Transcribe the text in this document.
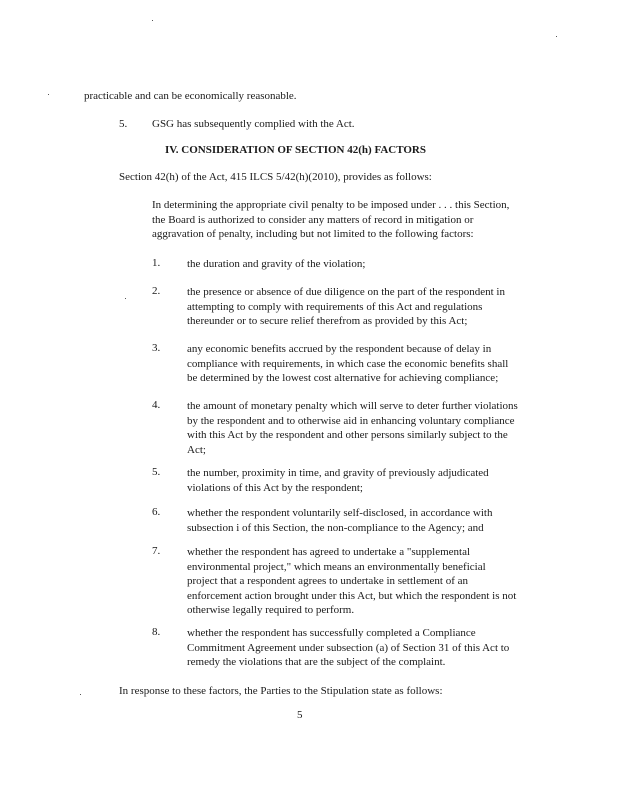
practicable and can be economically reasonable.
5. GSG has subsequently complied with the Act.
IV. CONSIDERATION OF SECTION 42(h) FACTORS
Section 42(h) of the Act, 415 ILCS 5/42(h)(2010), provides as follows:
In determining the appropriate civil penalty to be imposed under . . . this Section,
the Board is authorized to consider any matters of record in mitigation or
aggravation of penalty, including but not limited to the following factors:
1. the duration and gravity of the violation;
2. the presence or absence of due diligence on the part of the respondent in
attempting to comply with requirements of this Act and regulations
thereunder or to secure relief therefrom as provided by this Act;
3. any economic benefits accrued by the respondent because of delay in
compliance with requirements, in which case the economic benefits shall
be determined by the lowest cost alternative for achieving compliance;
4. the amount of monetary penalty which will serve to deter further violations
by the respondent and to otherwise aid in enhancing voluntary compliance
with this Act by the respondent and other persons similarly subject to the
Act;
5. the number, proximity in time, and gravity of previously adjudicated
violations of this Act by the respondent;
6. whether the respondent voluntarily self-disclosed, in accordance with
subsection i of this Section, the non-compliance to the Agency; and
7. whether the respondent has agreed to undertake a "supplemental
environmental project," which means an environmentally beneficial
project that a respondent agrees to undertake in settlement of an
enforcement action brought under this Act, but which the respondent is not
otherwise legally required to perform.
8. whether the respondent has successfully completed a Compliance
Commitment Agreement under subsection (a) of Section 31 of this Act to
remedy the violations that are the subject of the complaint.
In response to these factors, the Parties to the Stipulation state as follows:
5
